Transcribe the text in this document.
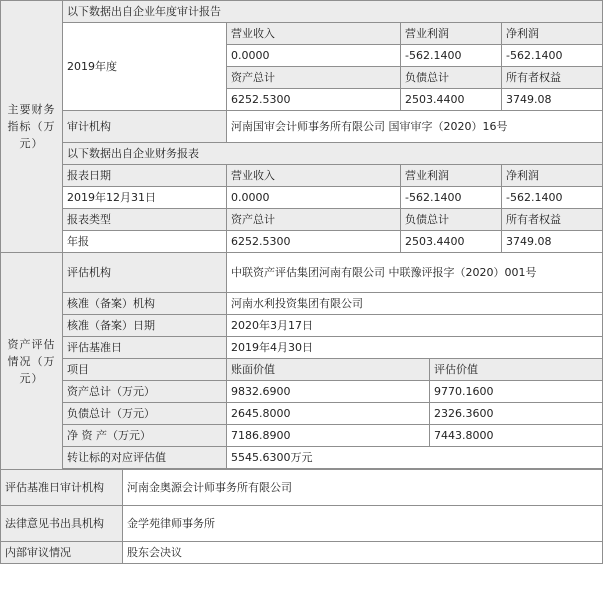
主要财务指标（万元）	以下数据出自企业年度审计报告					
	2019年度		营业收入	营业利润		净利润
			0.0000	-562.1400		-562.1400
			资产总计	负债总计		所有者权益
			6252.5300	2503.4400		3749.08
	审计机构		河南国审会计师事务所有限公司 国审审字（2020）16号			
	以下数据出自企业财务报表					
	报表日期		营业收入	营业利润		净利润
	2019年12月31日		0.0000	-562.1400		-562.1400
	报表类型		资产总计	负债总计		所有者权益
	年报		6252.5300	2503.4400		3749.08
资产评估情况（万元）	评估机构		中联资产评估集团河南有限公司 中联豫评报字（2020）001号			
	核准（备案）机构		河南水利投资集团有限公司			
	核准（备案）日期		2020年3月17日			
	评估基准日		2019年4月30日			
	项目		账面价值		评估价值	
	资产总计（万元）		9832.6900		9770.1600	
	负债总计（万元）		2645.8000		2326.3600	
	净 资 产（万元）		7186.8900		7443.8000	
	转让标的对应评估值		5545.6300万元			

评估基准日审计机构		河南金奥源会计师事务所有限公司				
法律意见书出具机构		金学苑律师事务所				
内部审议情况		股东会决议				
